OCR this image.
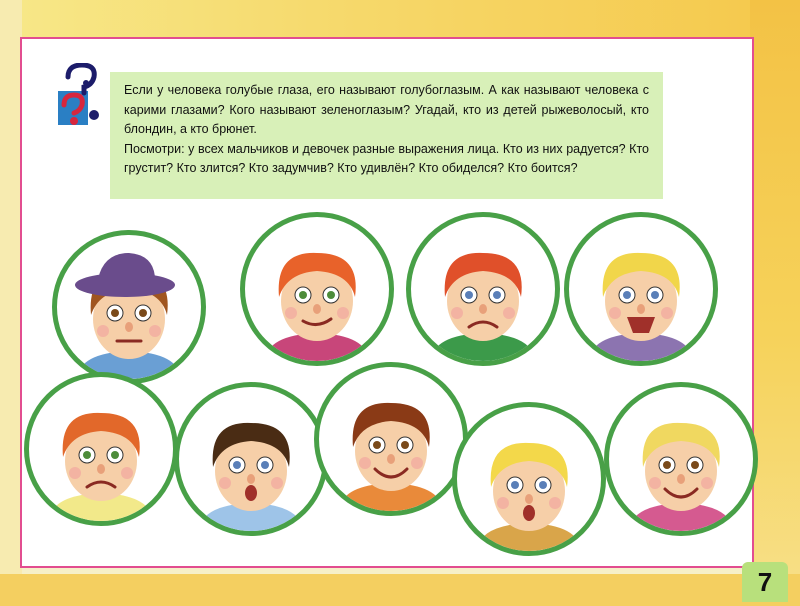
Если у человека голубые глаза, его называют голубоглазым. А как называют человека с карими глазами? Кого называют зеленоглазым? Угадай, кто из детей рыжеволосый, кто блондин, а кто брюнет.

Посмотри: у всех мальчиков и девочек разные выражения лица. Кто из них радуется? Кто грустит? Кто злится? Кто задумчив? Кто удивлён? Кто обиделся? Кто боится?

7
